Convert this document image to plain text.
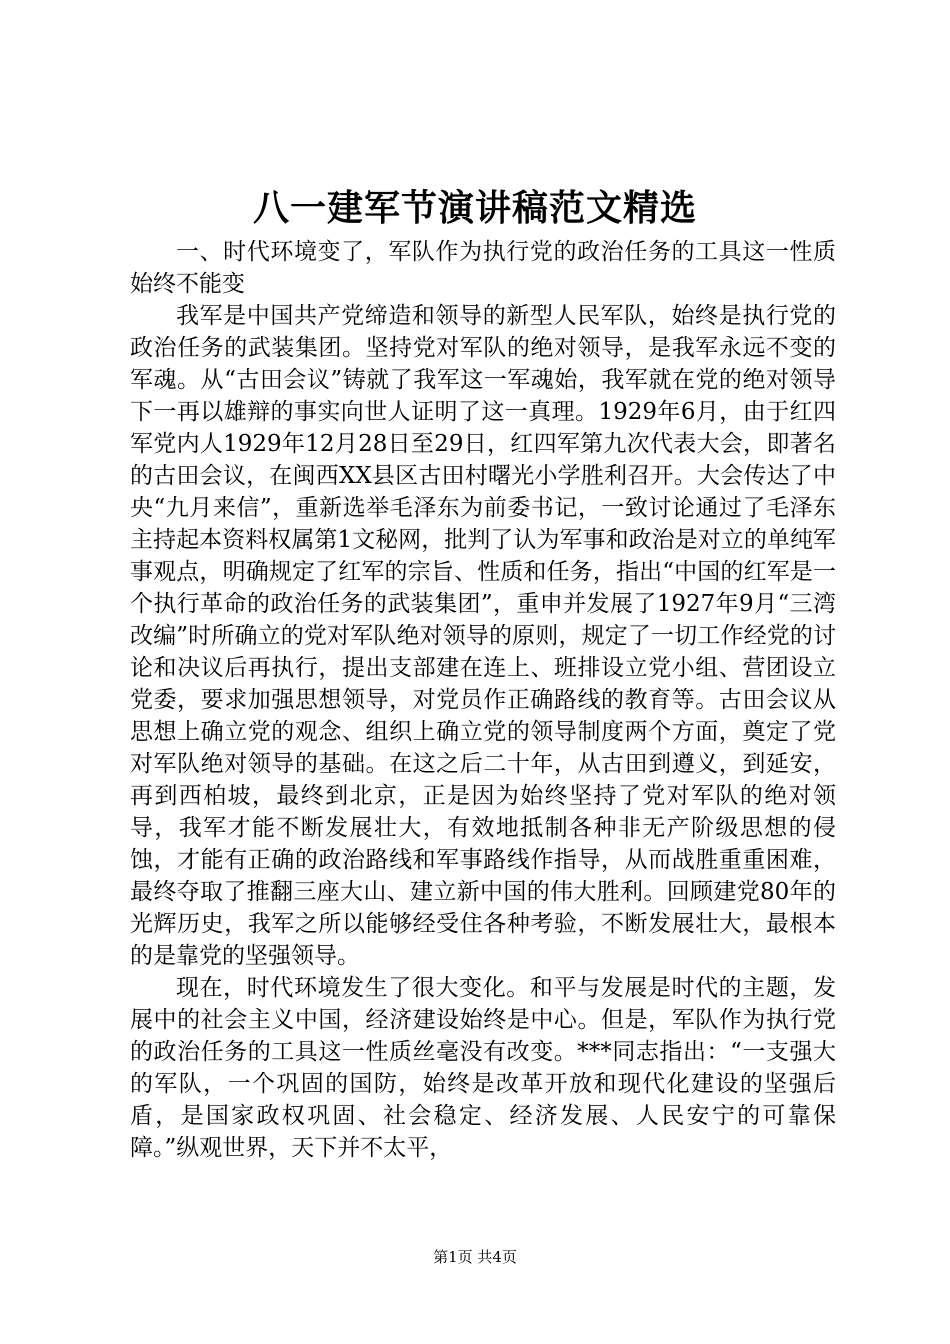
八一建军节演讲稿范文精选

一、时代环境变了，军队作为执行党的政治任务的工具这一性质始终不能变

我军是中国共产党缔造和领导的新型人民军队，始终是执行党的政治任务的武装集团。坚持党对军队的绝对领导，是我军永远不变的军魂。从“古田会议”铸就了我军这一军魂始，我军就在党的绝对领导下一再以雄辩的事实向世人证明了这一真理。1929年6月，由于红四军党内人1929年12月28日至29日，红四军第九次代表大会，即著名的古田会议，在闽西XX县区古田村曙光小学胜利召开。大会传达了中央“九月来信”，重新选举毛泽东为前委书记，一致讨论通过了毛泽东主持起本资料权属第1文秘网，批判了认为军事和政治是对立的单纯军事观点，明确规定了红军的宗旨、性质和任务，指出“中国的红军是一个执行革命的政治任务的武装集团”，重申并发展了1927年9月“三湾改编”时所确立的党对军队绝对领导的原则，规定了一切工作经党的讨论和决议后再执行，提出支部建在连上、班排设立党小组、营团设立党委，要求加强思想领导，对党员作正确路线的教育等。古田会议从思想上确立党的观念、组织上确立党的领导制度两个方面，奠定了党对军队绝对领导的基础。在这之后二十年，从古田到遵义，到延安，再到西柏坡，最终到北京，正是因为始终坚持了党对军队的绝对领导，我军才能不断发展壮大，有效地抵制各种非无产阶级思想的侵蚀，才能有正确的政治路线和军事路线作指导，从而战胜重重困难，最终夺取了推翻三座大山、建立新中国的伟大胜利。回顾建党80年的光辉历史，我军之所以能够经受住各种考验，不断发展壮大，最根本的是靠党的坚强领导。

现在，时代环境发生了很大变化。和平与发展是时代的主题，发展中的社会主义中国，经济建设始终是中心。但是，军队作为执行党的政治任务的工具这一性质丝毫没有改变。***同志指出：“一支强大的军队，一个巩固的国防，始终是改革开放和现代化建设的坚强后盾，是国家政权巩固、社会稳定、经济发展、人民安宁的可靠保障。”纵观世界，天下并不太平，

第1页 共4页
